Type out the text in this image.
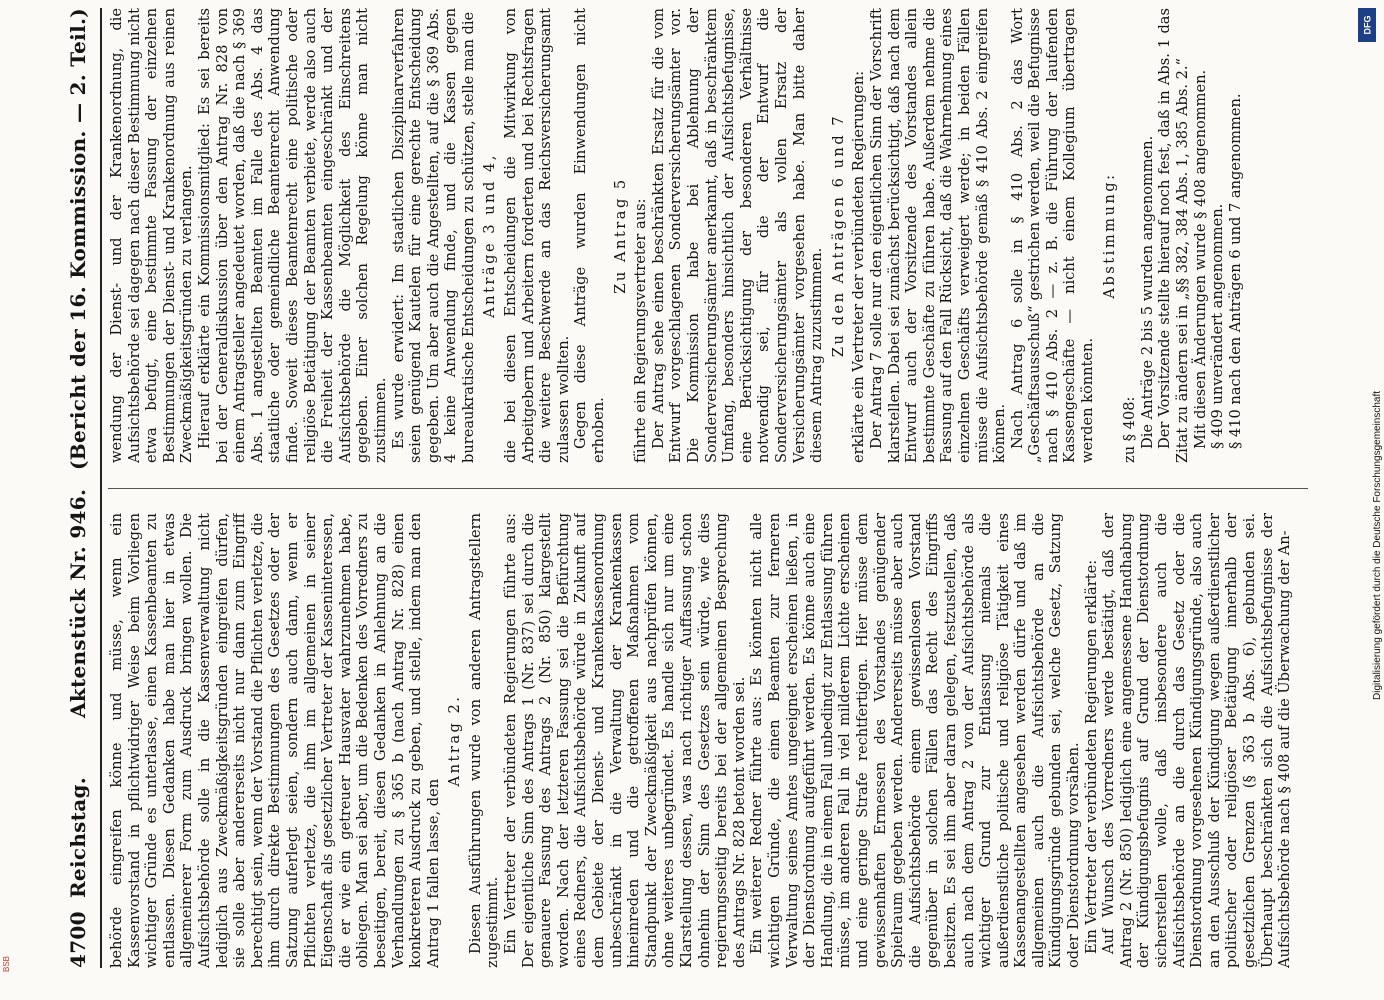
4700
Reichstag.
Aktenstück Nr. 946.
(Bericht der 16. Kommission. — 2. Teil.)

behörde eingreifen könne und müsse, wenn ein Kassenvorstand in pflichtwidriger Weise beim Vorliegen wichtiger Gründe es unterlasse, einen Kassenbeamten zu entlassen. Diesen Gedanken habe man hier in etwas allgemeinerer Form zum Ausdruck bringen wollen. Die Aufsichtsbehörde solle in die Kassenverwaltung nicht lediglich aus Zweckmäßigkeitsgründen eingreifen dürfen, sie solle aber andererseits nicht nur dann zum Eingriff berechtigt sein, wenn der Vorstand die Pflichten verletze, die ihm durch direkte Bestimmungen des Gesetzes oder der Satzung auferlegt seien, sondern auch dann, wenn er Pflichten verletze, die ihm im allgemeinen in seiner Eigenschaft als gesetzlicher Vertreter der Kasseninteressen, die er wie ein getreuer Hausvater wahrzunehmen habe, obliegen. Man sei aber, um die Bedenken des Vorredners zu beseitigen, bereit, diesen Gedanken in Anlehnung an die Verhandlungen zu § 365 b (nach Antrag Nr. 828) einen konkreteren Ausdruck zu geben, und stelle, indem man den Antrag 1 fallen lasse, den

Antrag 2. Diesen Ausführungen wurde von anderen Antragstellern zugestimmt. Ein Vertreter der verbündeten Regierungen führte aus: Der eigentliche Sinn des Antrags 1 (Nr. 837) sei durch die genauere Fassung des Antrags 2 (Nr. 850) klargestellt worden. Nach der letzteren Fassung sei die Befürchtung eines Redners, die Aufsichtsbehörde würde in Zukunft auf dem Gebiete der Dienst- und Krankenkassenordnung unbeschränkt in die Verwaltung der Krankenkassen hineinreden und die getroffenen Maßnahmen vom Standpunkt der Zweckmäßigkeit aus nachprüfen können, ohne weiteres unbegründet. Es handle sich nur um eine Klarstellung dessen, was nach richtiger Auffassung schon ohnehin der Sinn des Gesetzes sein würde, wie dies regierungsseitig bereits bei der allgemeinen Besprechung des Antrags Nr. 828 betont worden sei. Ein weiterer Redner führte aus: Es könnten nicht alle wichtigen Gründe, die einen Beamten zur ferneren Verwaltung seines Amtes ungeeignet erscheinen ließen, in der Dienstordnung aufgeführt werden. Es könne auch eine Handlung, die in einem Fall unbedingt zur Entlassung führen müsse, im anderen Fall in viel milderem Lichte erscheinen und eine geringe Strafe rechtfertigen. Hier müsse dem gewissenhaften Ermessen des Vorstandes genügender Spielraum gegeben werden. Andererseits müsse aber auch die Aufsichtsbehörde einem gewissenlosen Vorstand gegenüber in solchen Fällen das Recht des Eingriffs besitzen. Es sei ihm aber daran gelegen, festzustellen, daß auch nach dem Antrag 2 von der Aufsichtsbehörde als wichtiger Grund zur Entlassung niemals die außerdienstliche politische und religiöse Tätigkeit eines Kassenangestellten angesehen werden dürfe und daß im allgemeinen auch die Aufsichtsbehörde an die Kündigungsgründe gebunden sei, welche Gesetz, Satzung oder Dienstordnung vorsähen. Ein Vertreter der verbündeten Regierungen erklärte: Auf Wunsch des Vorredners werde bestätigt, daß der Antrag 2 (Nr. 850) lediglich eine angemessene Handhabung der Kündigungsbefugnis auf Grund der Dienstordnung sicherstellen wolle, daß insbesondere auch die Aufsichtsbehörde an die durch das Gesetz oder die Dienstordnung vorgesehenen Kündigungsgründe, also auch an den Ausschluß der Kündigung wegen außerdienstlicher politischer oder religiöser Betätigung innerhalb der gesetzlichen Grenzen (§ 363 b Abs. 6), gebunden sei. Überhaupt beschränkten sich die Aufsichtsbefugnisse der Aufsichtsbehörde nach § 408 auf die Überwachung der An-

wendung der Dienst- und der Krankenordnung, die Aufsichtsbehörde sei dagegen nach dieser Bestimmung nicht etwa befugt, eine bestimmte Fassung der einzelnen Bestimmungen der Dienst- und Krankenordnung aus reinen Zweckmäßigkeitsgründen zu verlangen. Hierauf erklärte ein Kommissionsmitglied: Es sei bereits bei der Generaldiskussion über den Antrag Nr. 828 von einem Antragsteller angedeutet worden, daß die nach § 369 Abs. 1 angestellten Beamten im Falle des Abs. 4 das staatliche oder gemeindliche Beamtenrecht Anwendung finde. Soweit dieses Beamtenrecht eine politische oder religiöse Betätigung der Beamten verbiete, werde also auch die Freiheit der Kassenbeamten eingeschränkt und der Aufsichtsbehörde die Möglichkeit des Einschreitens gegeben. Einer solchen Regelung könne man nicht zustimmen. Es wurde erwidert: Im staatlichen Disziplinarverfahren seien genügend Kautelen für eine gerechte Entscheidung gegeben. Um aber auch die Angestellten, auf die § 369 Abs. 4 keine Anwendung finde, und die Kassen gegen bureaukratische Entscheidungen zu schützen, stelle man die Anträge 3 und 4, die bei diesen Entscheidungen die Mitwirkung von Arbeitgebern und Arbeitern forderten und bei Rechtsfragen die weitere Beschwerde an das Reichsversicherungsamt zulassen wollten. Gegen diese Anträge wurden Einwendungen nicht erhoben.

Zu Antrag 5 führte ein Regierungsvertreter aus: Der Antrag sehe einen beschränkten Ersatz für die vom Entwurf vorgeschlagenen Sonderversicherungsämter vor. Die Kommission habe bei Ablehnung der Sonderversicherungsämter anerkannt, daß in beschränktem Umfang, besonders hinsichtlich der Aufsichtsbefugnisse, eine Berücksichtigung der besonderen Verhältnisse notwendig sei, für die der Entwurf die Sonderversicherungsämter als vollen Ersatz der Versicherungsämter vorgesehen habe. Man bitte daher diesem Antrag zuzustimmen. Zu den Anträgen 6 und 7 erklärte ein Vertreter der verbündeten Regierungen: Der Antrag 7 solle nur den eigentlichen Sinn der Vorschrift klarstellen. Dabei sei zunächst berücksichtigt, daß nach dem Entwurf auch der Vorsitzende des Vorstandes allein bestimmte Geschäfte zu führen habe. Außerdem nehme die Fassung auf den Fall Rücksicht, daß die Wahrnehmung eines einzelnen Geschäfts verweigert werde; in beiden Fällen müsse die Aufsichtsbehörde gemäß § 410 Abs. 2 eingreifen können. Nach Antrag 6 solle in § 410 Abs. 2 das Wort „Geschäftsausschuß“ gestrichen werden, weil die Befugnisse nach § 410 Abs. 2 — z. B. die Führung der laufenden Kassengeschäfte — nicht einem Kollegium übertragen werden könnten.

Abstimmung:

zu § 408: Die Anträge 2 bis 5 wurden angenommen. Der Vorsitzende stellte hierauf noch fest, daß in Abs. 1 das Zitat zu ändern sei in „§§ 382, 384 Abs. 1, 385 Abs. 2.“ Mit diesen Änderungen wurde § 408 angenommen. § 409 unverändert angenommen. § 410 nach den Anträgen 6 und 7 angenommen.

DFG
Digitalisierung gefördert durch die Deutsche Forschungsgemeinschaft
BSB
